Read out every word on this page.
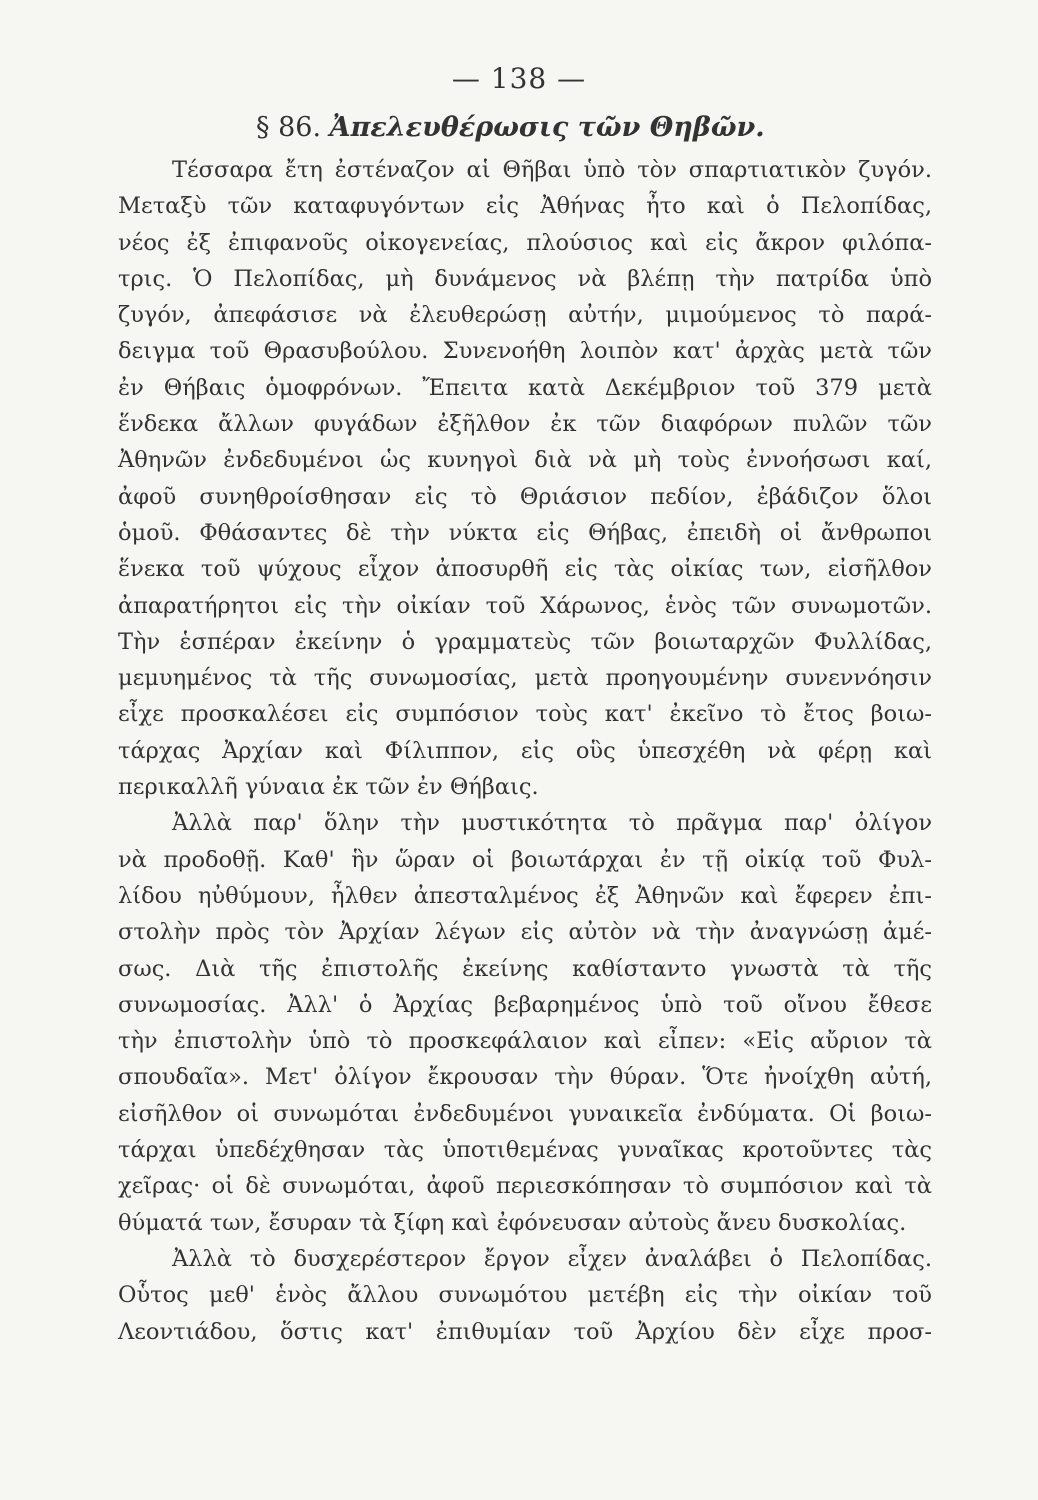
— 138 —
§ 86. Ἀπελευθέρωσις τῶν Θηβῶν.
Τέσσαρα ἔτη ἐστέναζον αἱ Θῆβαι ὑπὸ τὸν σπαρτιατικὸν ζυγόν.
Μεταξὺ τῶν καταφυγόντων εἰς Ἀθήνας ἦτο καὶ ὁ Πελοπίδας,
νέος ἐξ ἐπιφανοῦς οἰκογενείας, πλούσιος καὶ εἰς ἄκρον φιλόπα-
τρις. Ὁ Πελοπίδας, μὴ δυνάμενος νὰ βλέπῃ τὴν πατρίδα ὑπὸ
ζυγόν, ἀπεφάσισε νὰ ἐλευθερώσῃ αὐτήν, μιμούμενος τὸ παρά-
δειγμα τοῦ Θρασυβούλου. Συνενοήθη λοιπὸν κατ' ἀρχὰς μετὰ τῶν
ἐν Θήβαις ὁμοφρόνων. Ἔπειτα κατὰ Δεκέμβριον τοῦ 379 μετὰ
ἕνδεκα ἄλλων φυγάδων ἐξῆλθον ἐκ τῶν διαφόρων πυλῶν τῶν
Ἀθηνῶν ἐνδεδυμένοι ὡς κυνηγοὶ διὰ νὰ μὴ τοὺς ἐννοήσωσι καί,
ἀφοῦ συνηθροίσθησαν εἰς τὸ Θριάσιον πεδίον, ἐβάδιζον ὅλοι
ὁμοῦ. Φθάσαντες δὲ τὴν νύκτα εἰς Θήβας, ἐπειδὴ οἱ ἄνθρωποι
ἕνεκα τοῦ ψύχους εἶχον ἀποσυρθῆ εἰς τὰς οἰκίας των, εἰσῆλθον
ἀπαρατήρητοι εἰς τὴν οἰκίαν τοῦ Χάρωνος, ἑνὸς τῶν συνωμοτῶν.
Τὴν ἑσπέραν ἐκείνην ὁ γραμματεὺς τῶν βοιωταρχῶν Φυλλίδας,
μεμυημένος τὰ τῆς συνωμοσίας, μετὰ προηγουμένην συνεννόησιν
εἶχε προσκαλέσει εἰς συμπόσιον τοὺς κατ' ἐκεῖνο τὸ ἔτος βοιω-
τάρχας Ἀρχίαν καὶ Φίλιππον, εἰς οὓς ὑπεσχέθη νὰ φέρῃ καὶ
περικαλλῆ γύναια ἐκ τῶν ἐν Θήβαις.
Ἀλλὰ παρ' ὅλην τὴν μυστικότητα τὸ πρᾶγμα παρ' ὀλίγον
νὰ προδοθῇ. Καθ' ἣν ὥραν οἱ βοιωτάρχαι ἐν τῇ οἰκίᾳ τοῦ Φυλ-
λίδου ηὐθύμουν, ἦλθεν ἀπεσταλμένος ἐξ Ἀθηνῶν καὶ ἔφερεν ἐπι-
στολὴν πρὸς τὸν Ἀρχίαν λέγων εἰς αὐτὸν νὰ τὴν ἀναγνώσῃ ἀμέ-
σως. Διὰ τῆς ἐπιστολῆς ἐκείνης καθίσταντο γνωστὰ τὰ τῆς
συνωμοσίας. Ἀλλ' ὁ Ἀρχίας βεβαρημένος ὑπὸ τοῦ οἴνου ἔθεσε
τὴν ἐπιστολὴν ὑπὸ τὸ προσκεφάλαιον καὶ εἶπεν: «Εἰς αὔριον τὰ
σπουδαῖα». Μετ' ὀλίγον ἔκρουσαν τὴν θύραν. Ὅτε ἠνοίχθη αὐτή,
εἰσῆλθον οἱ συνωμόται ἐνδεδυμένοι γυναικεῖα ἐνδύματα. Οἱ βοιω-
τάρχαι ὑπεδέχθησαν τὰς ὑποτιθεμένας γυναῖκας κροτοῦντες τὰς
χεῖρας· οἱ δὲ συνωμόται, ἀφοῦ περιεσκόπησαν τὸ συμπόσιον καὶ τὰ
θύματά των, ἔσυραν τὰ ξίφη καὶ ἐφόνευσαν αὐτοὺς ἄνευ δυσκολίας.
Ἀλλὰ τὸ δυσχερέστερον ἔργον εἶχεν ἀναλάβει ὁ Πελοπίδας.
Οὗτος μεθ' ἑνὸς ἄλλου συνωμότου μετέβη εἰς τὴν οἰκίαν τοῦ
Λεοντιάδου, ὅστις κατ' ἐπιθυμίαν τοῦ Ἀρχίου δὲν εἶχε προσ-
